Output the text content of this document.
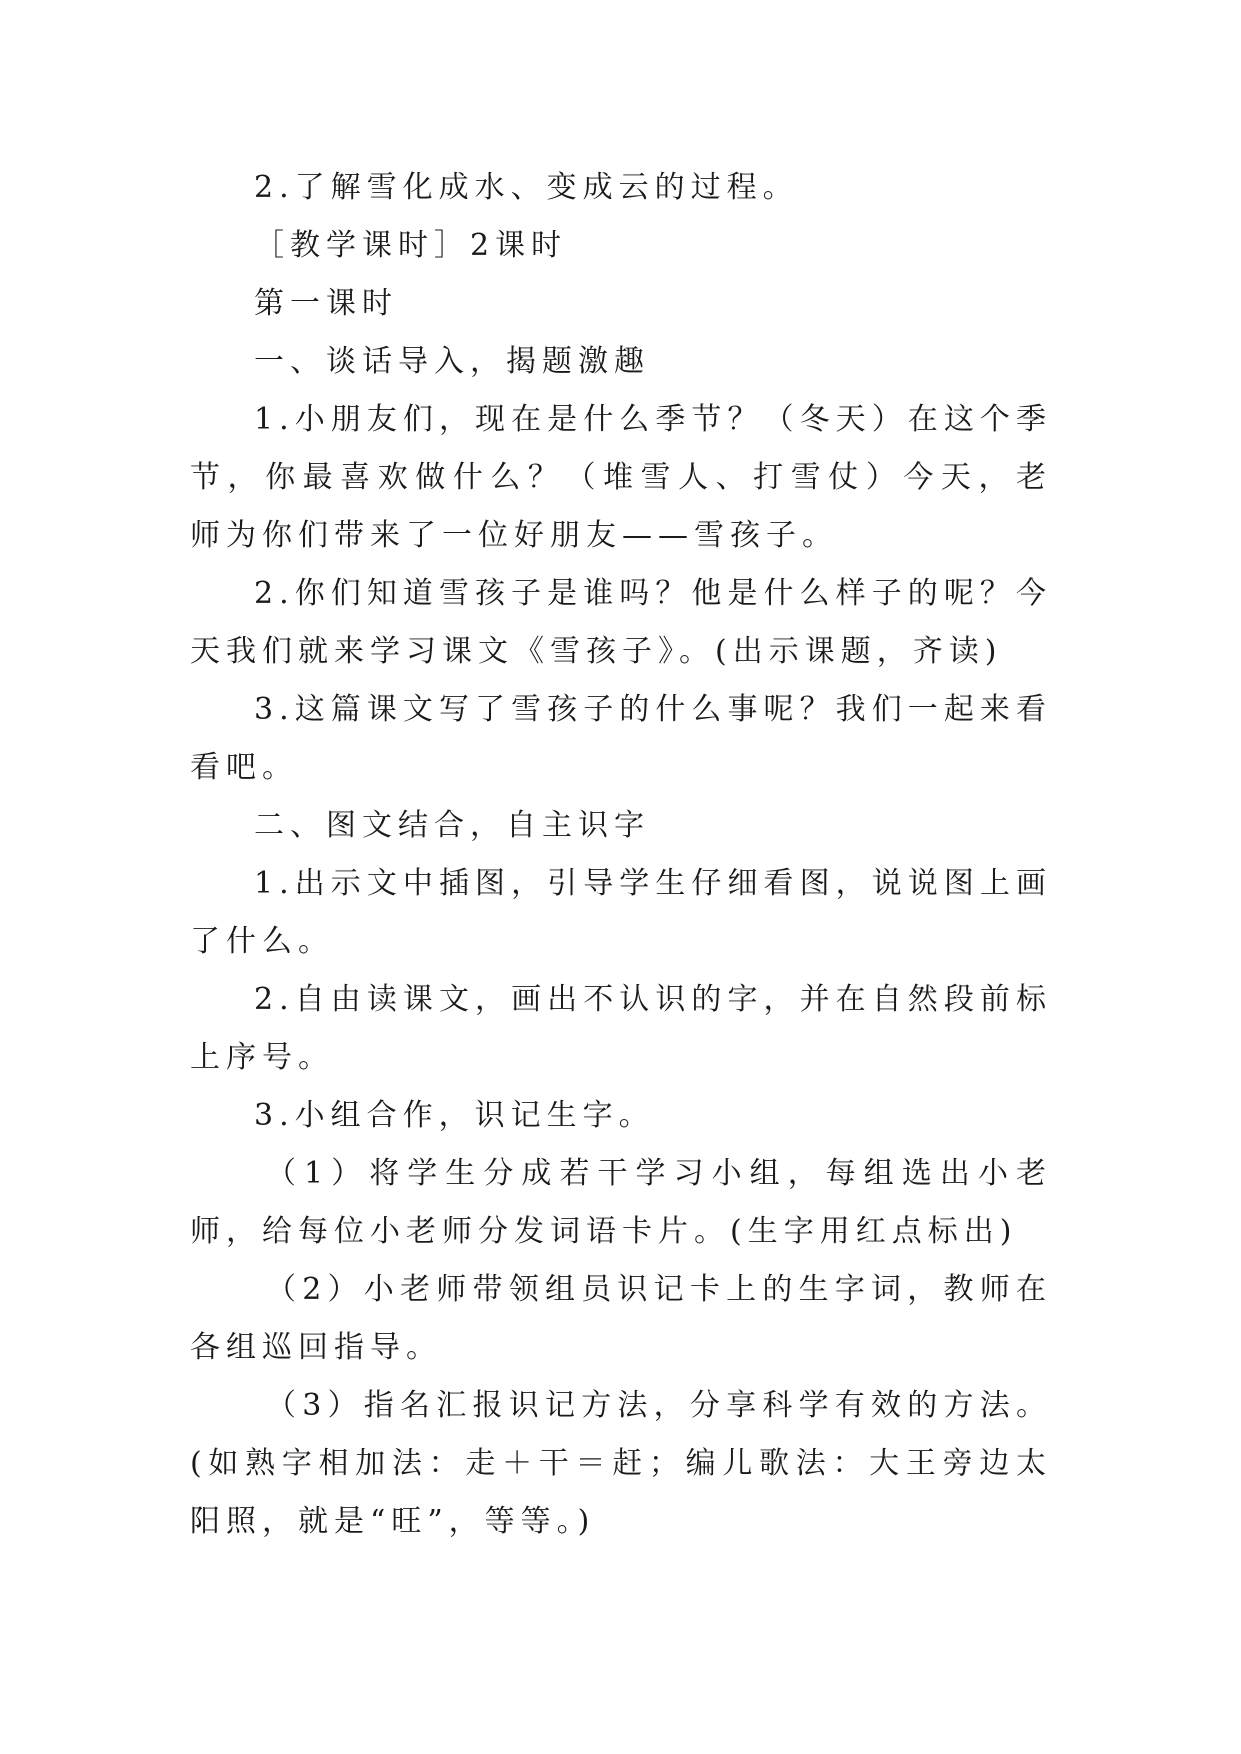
2.了解雪化成水、变成云的过程。

［教学课时］2课时

第一课时

一、谈话导入，揭题激趣

1.小朋友们，现在是什么季节？（冬天）在这个季节，你最喜欢做什么？（堆雪人、打雪仗）今天，老师为你们带来了一位好朋友——雪孩子。

2.你们知道雪孩子是谁吗？他是什么样子的呢？今天我们就来学习课文《雪孩子》。(出示课题，齐读)

3.这篇课文写了雪孩子的什么事呢？我们一起来看看吧。

二、图文结合，自主识字

1.出示文中插图，引导学生仔细看图，说说图上画了什么。

2.自由读课文，画出不认识的字，并在自然段前标上序号。

3.小组合作，识记生字。

（1）将学生分成若干学习小组，每组选出小老师，给每位小老师分发词语卡片。(生字用红点标出)

（2）小老师带领组员识记卡上的生字词，教师在各组巡回指导。

（3）指名汇报识记方法，分享科学有效的方法。(如熟字相加法：走＋干＝赶；编儿歌法：大王旁边太阳照，就是“旺”，等等。)
